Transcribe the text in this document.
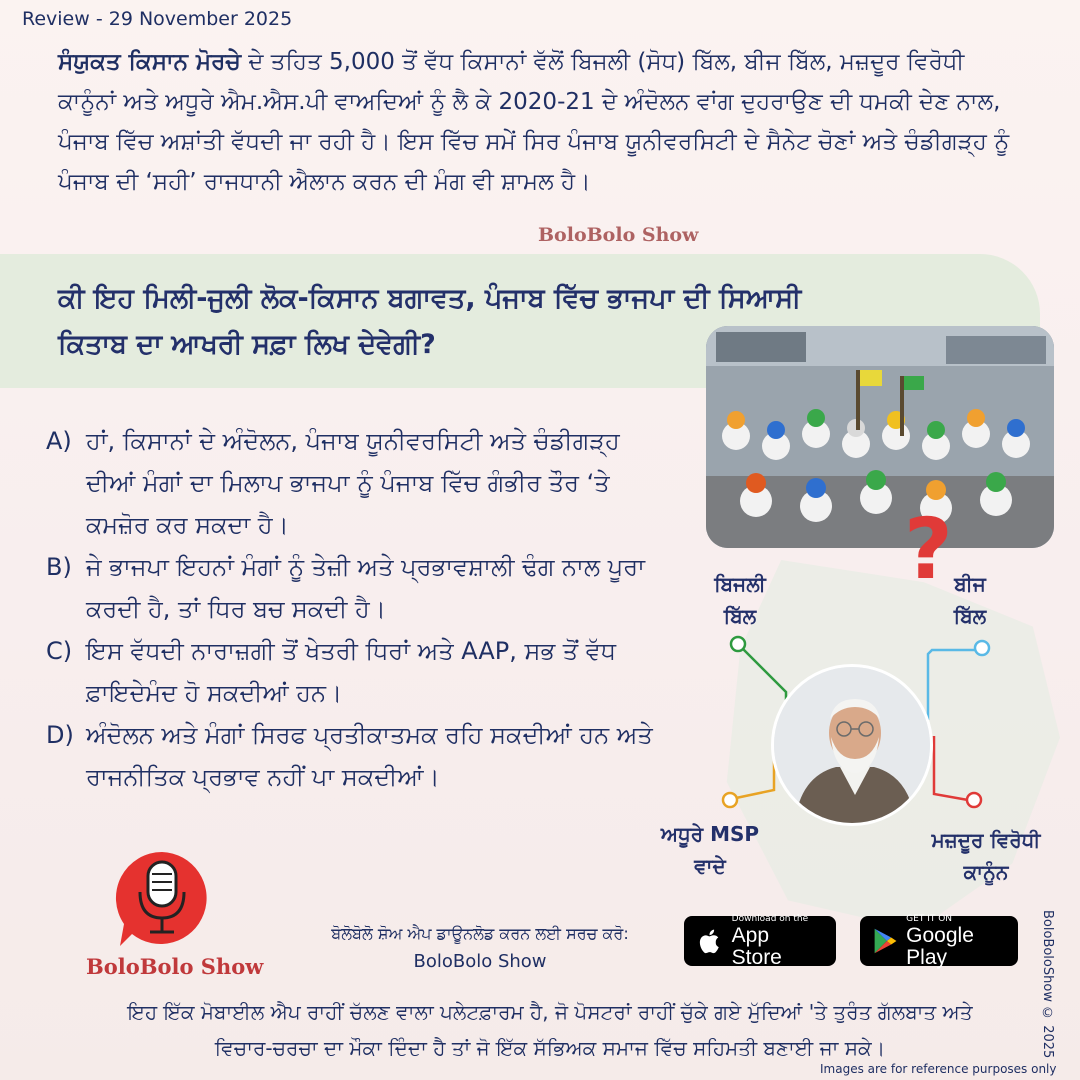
Review - 29 November 2025

ਸੰਯੁਕਤ ਕਿਸਾਨ ਮੋਰਚੇ ਦੇ ਤਹਿਤ 5,000 ਤੋਂ ਵੱਧ ਕਿਸਾਨਾਂ ਵੱਲੋਂ ਬਿਜਲੀ (ਸੋਧ) ਬਿੱਲ, ਬੀਜ ਬਿੱਲ, ਮਜ਼ਦੂਰ ਵਿਰੋਧੀ ਕਾਨੂੰਨਾਂ ਅਤੇ ਅਧੂਰੇ ਐਮ.ਐਸ.ਪੀ ਵਾਅਦਿਆਂ ਨੂੰ ਲੈ ਕੇ 2020-21 ਦੇ ਅੰਦੋਲਨ ਵਾਂਗ ਦੁਹਰਾਉਣ ਦੀ ਧਮਕੀ ਦੇਣ ਨਾਲ, ਪੰਜਾਬ ਵਿੱਚ ਅਸ਼ਾਂਤੀ ਵੱਧਦੀ ਜਾ ਰਹੀ ਹੈ। ਇਸ ਵਿੱਚ ਸਮੇਂ ਸਿਰ ਪੰਜਾਬ ਯੂਨੀਵਰਸਿਟੀ ਦੇ ਸੈਨੇਟ ਚੋਣਾਂ ਅਤੇ ਚੰਡੀਗੜ੍ਹ ਨੂੰ ਪੰਜਾਬ ਦੀ ‘ਸਹੀ’ ਰਾਜਧਾਨੀ ਐਲਾਨ ਕਰਨ ਦੀ ਮੰਗ ਵੀ ਸ਼ਾਮਲ ਹੈ।

BoloBolo Show
ਕੀ ਇਹ ਮਿਲੀ-ਜੁਲੀ ਲੋਕ-ਕਿਸਾਨ ਬਗਾਵਤ, ਪੰਜਾਬ ਵਿੱਚ ਭਾਜਪਾ ਦੀ ਸਿਆਸੀ ਕਿਤਾਬ ਦਾ ਆਖਰੀ ਸਫ਼ਾ ਲਿਖ ਦੇਵੇਗੀ?
A) ਹਾਂ, ਕਿਸਾਨਾਂ ਦੇ ਅੰਦੋਲਨ, ਪੰਜਾਬ ਯੂਨੀਵਰਸਿਟੀ ਅਤੇ ਚੰਡੀਗੜ੍ਹ ਦੀਆਂ ਮੰਗਾਂ ਦਾ ਮਿਲਾਪ ਭਾਜਪਾ ਨੂੰ ਪੰਜਾਬ ਵਿੱਚ ਗੰਭੀਰ ਤੌਰ ‘ਤੇ ਕਮਜ਼ੋਰ ਕਰ ਸਕਦਾ ਹੈ।
B) ਜੇ ਭਾਜਪਾ ਇਹਨਾਂ ਮੰਗਾਂ ਨੂੰ ਤੇਜ਼ੀ ਅਤੇ ਪ੍ਰਭਾਵਸ਼ਾਲੀ ਢੰਗ ਨਾਲ ਪੂਰਾ ਕਰਦੀ ਹੈ, ਤਾਂ ਧਿਰ ਬਚ ਸਕਦੀ ਹੈ।
C) ਇਸ ਵੱਧਦੀ ਨਾਰਾਜ਼ਗੀ ਤੋਂ ਖੇਤਰੀ ਧਿਰਾਂ ਅਤੇ AAP, ਸਭ ਤੋਂ ਵੱਧ ਫ਼ਾਇਦੇਮੰਦ ਹੋ ਸਕਦੀਆਂ ਹਨ।
D) ਅੰਦੋਲਨ ਅਤੇ ਮੰਗਾਂ ਸਿਰਫ ਪ੍ਰਤੀਕਾਤਮਕ ਰਹਿ ਸਕਦੀਆਂ ਹਨ ਅਤੇ ਰਾਜਨੀਤਿਕ ਪ੍ਰਭਾਵ ਨਹੀਂ ਪਾ ਸਕਦੀਆਂ।
ਬਿਜਲੀ
ਬਿੱਲ
ਬੀਜ
ਬਿੱਲ
ਅਧੂਰੇ MSP
ਵਾਦੇ
ਮਜ਼ਦੂਰ ਵਿਰੋਧੀ
ਕਾਨੂੰਨ
?
BoloBolo Show
ਬੋਲੋਬੋਲੋ ਸ਼ੋਅ ਐਪ ਡਾਊਨਲੋਡ ਕਰਨ ਲਈ ਸਰਚ ਕਰੋ:
BoloBolo Show
Download on the
App Store
GET IT ON
Google Play	BoloBoloShow © 2025
ਇਹ ਇੱਕ ਮੋਬਾਈਲ ਐਪ ਰਾਹੀਂ ਚੱਲਣ ਵਾਲਾ ਪਲੇਟਫ਼ਾਰਮ ਹੈ, ਜੋ ਪੋਸਟਰਾਂ ਰਾਹੀਂ ਚੁੱਕੇ ਗਏ ਮੁੱਦਿਆਂ 'ਤੇ ਤੁਰੰਤ ਗੱਲਬਾਤ ਅਤੇ
ਵਿਚਾਰ-ਚਰਚਾ ਦਾ ਮੌਕਾ ਦਿੰਦਾ ਹੈ ਤਾਂ ਜੋ ਇੱਕ ਸੱਭਿਅਕ ਸਮਾਜ ਵਿੱਚ ਸਹਿਮਤੀ ਬਣਾਈ ਜਾ ਸਕੇ।
Images are for reference purposes only
